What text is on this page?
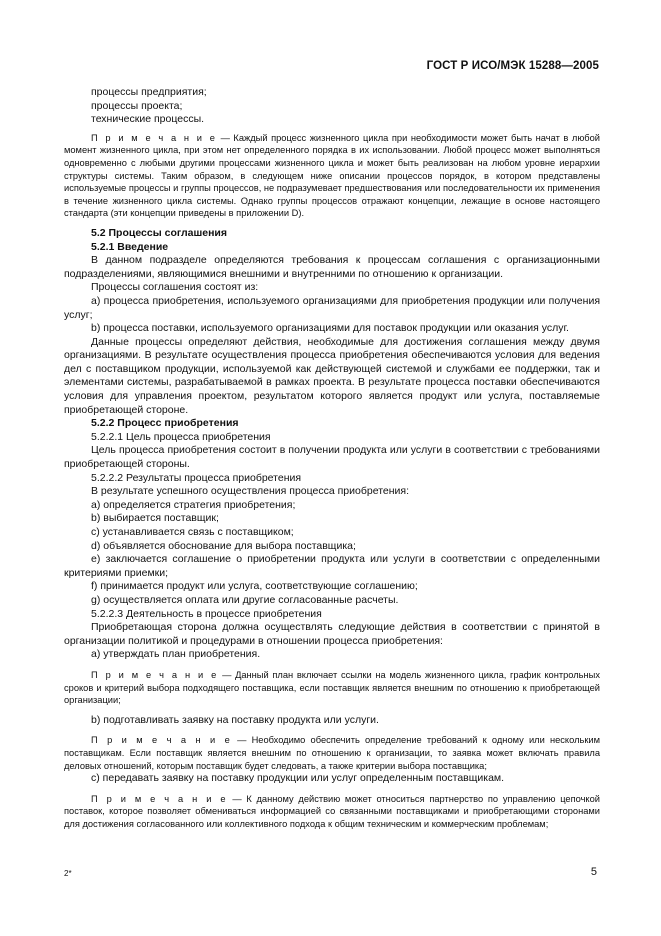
ГОСТ Р ИСО/МЭК 15288—2005

процессы предприятия;

процессы проекта;

технические процессы.

П р и м е ч а н и е — Каждый процесс жизненного цикла при необходимости может быть начат в любой момент жизненного цикла, при этом нет определенного порядка в их использовании. Любой процесс может выполняться одновременно с любыми другими процессами жизненного цикла и может быть реализован на любом уровне иерархии структуры системы. Таким образом, в следующем ниже описании процессов порядок, в котором представлены используемые процессы и группы процессов, не подразумевает предшествования или последовательности их применения в течение жизненного цикла системы. Однако группы процессов отражают концепции, лежащие в основе настоящего стандарта (эти концепции приведены в приложении D).

5.2 Процессы соглашения

5.2.1 Введение

В данном подразделе определяются требования к процессам соглашения с организационными подразделениями, являющимися внешними и внутренними по отношению к организации.

Процессы соглашения состоят из:

a) процесса приобретения, используемого организациями для приобретения продукции или получения услуг;

b) процесса поставки, используемого организациями для поставок продукции или оказания услуг.

Данные процессы определяют действия, необходимые для достижения соглашения между двумя организациями. В результате осуществления процесса приобретения обеспечиваются условия для ведения дел с поставщиком продукции, используемой как действующей системой и службами ее поддержки, так и элементами системы, разрабатываемой в рамках проекта. В результате процесса поставки обеспечиваются условия для управления проектом, результатом которого является продукт или услуга, поставляемые приобретающей стороне.

5.2.2 Процесс приобретения

5.2.2.1 Цель процесса приобретения

Цель процесса приобретения состоит в получении продукта или услуги в соответствии с требованиями приобретающей стороны.

5.2.2.2 Результаты процесса приобретения

В результате успешного осуществления процесса приобретения:

a) определяется стратегия приобретения;

b) выбирается поставщик;

c) устанавливается связь с поставщиком;

d) объявляется обоснование для выбора поставщика;

e) заключается соглашение о приобретении продукта или услуги в соответствии с определенными критериями приемки;

f) принимается продукт или услуга, соответствующие соглашению;

g) осуществляется оплата или другие согласованные расчеты.

5.2.2.3 Деятельность в процессе приобретения

Приобретающая сторона должна осуществлять следующие действия в соответствии с принятой в организации политикой и процедурами в отношении процесса приобретения:

a) утверждать план приобретения.

П р и м е ч а н и е — Данный план включает ссылки на модель жизненного цикла, график контрольных сроков и критерий выбора подходящего поставщика, если поставщик является внешним по отношению к приобретающей организации;

b) подготавливать заявку на поставку продукта или услуги.

П р и м е ч а н и е — Необходимо обеспечить определение требований к одному или нескольким поставщикам. Если поставщик является внешним по отношению к организации, то заявка может включать правила деловых отношений, которым поставщик будет следовать, а также критерии выбора поставщика;

c) передавать заявку на поставку продукции или услуг определенным поставщикам.

П р и м е ч а н и е — К данному действию может относиться партнерство по управлению цепочкой поставок, которое позволяет обмениваться информацией со связанными поставщиками и приобретающими сторонами для достижения согласованного или коллективного подхода к общим техническим и коммерческим проблемам;

2*	5
